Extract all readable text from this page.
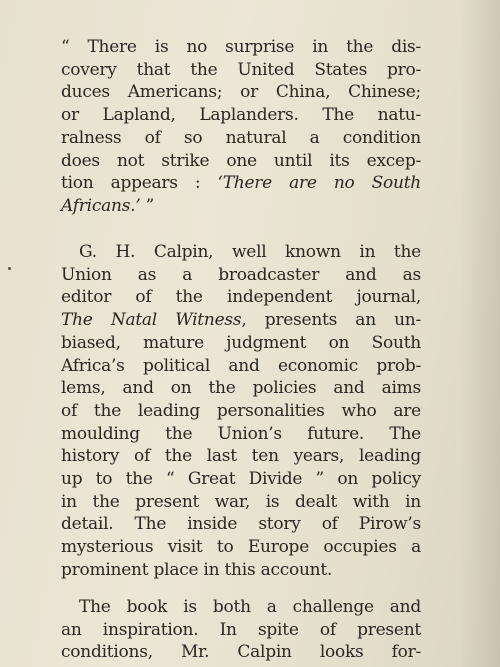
“ There is no surprise in the dis-
covery that the United States pro-
duces Americans; or China, Chinese;
or Lapland, Laplanders. The natu-
ralness of so natural a condition
does not strike one until its excep-
tion appears : ‘There are no South
Africans.’ ”
G. H. Calpin, well known in the
Union as a broadcaster and as
editor of the independent journal,
The Natal Witness, presents an un-
biased, mature judgment on South
Africa’s political and economic prob-
lems, and on the policies and aims
of the leading personalities who are
moulding the Union’s future. The
history of the last ten years, leading
up to the “ Great Divide ” on policy
in the present war, is dealt with in
detail. The inside story of Pirow’s
mysterious visit to Europe occupies a
prominent place in this account.
The book is both a challenge and
an inspiration. In spite of present
conditions, Mr. Calpin looks for-
